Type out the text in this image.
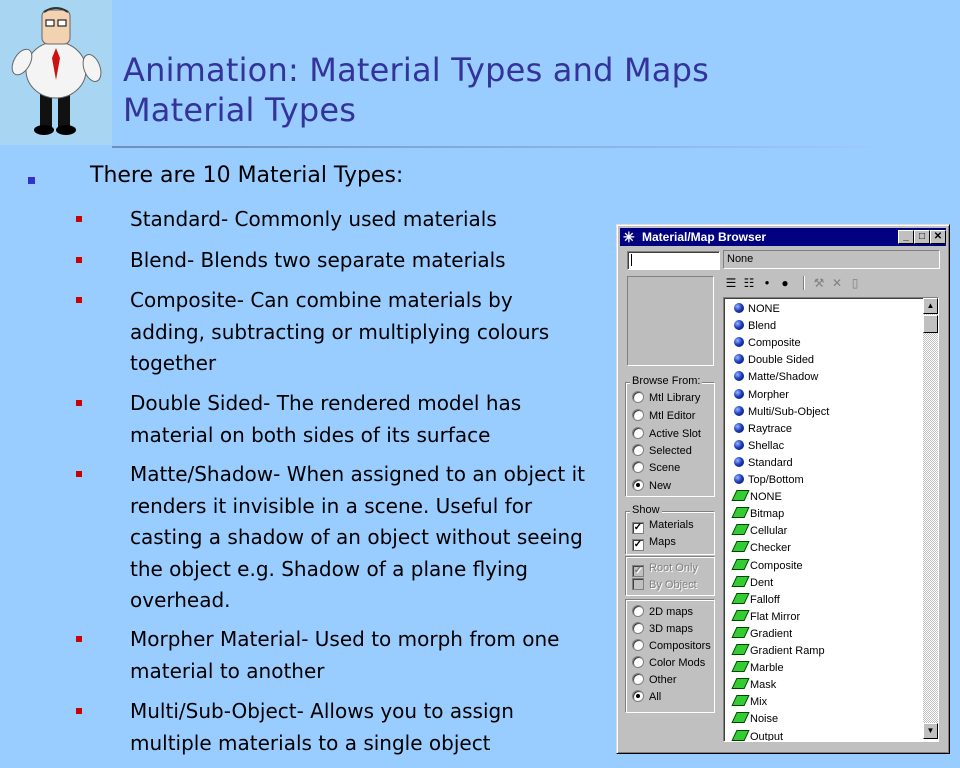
Animation: Material Types and Maps
Material Types
There are 10 Material Types:
Standard- Commonly used materials
Blend- Blends two separate materials
Composite- Can combine materials by adding, subtracting or multiplying colours together
Double Sided- The rendered model has material on both sides of its surface
Matte/Shadow- When assigned to an object it renders it invisible in a scene. Useful for casting a shadow of an object without seeing the object e.g. Shadow of a plane flying overhead.
Morpher Material- Used to morph from one material to another
Multi/Sub-Object- Allows you to assign multiple materials to a single object
✳ Material/Map Browser	_	□ ✕
None
☰ ☷	● ●	⚒ ✕ ▯
Browse From:
Mtl Library
Mtl Editor
Active Slot
Selected
Scene
New
Show
✓ Materials
✓ Maps
✓ Root Only
By Object
2D maps
3D maps
Compositors
Color Mods
Other
All
NONE
Blend
Composite
Double Sided
Matte/Shadow
Morpher
Multi/Sub-Object
Raytrace
Shellac
Standard
Top/Bottom
NONE
Bitmap
Cellular
Checker
Composite
Dent
Falloff
Flat Mirror
Gradient
Gradient Ramp
Marble
Mask
Mix
Noise
Output
▲
▼
